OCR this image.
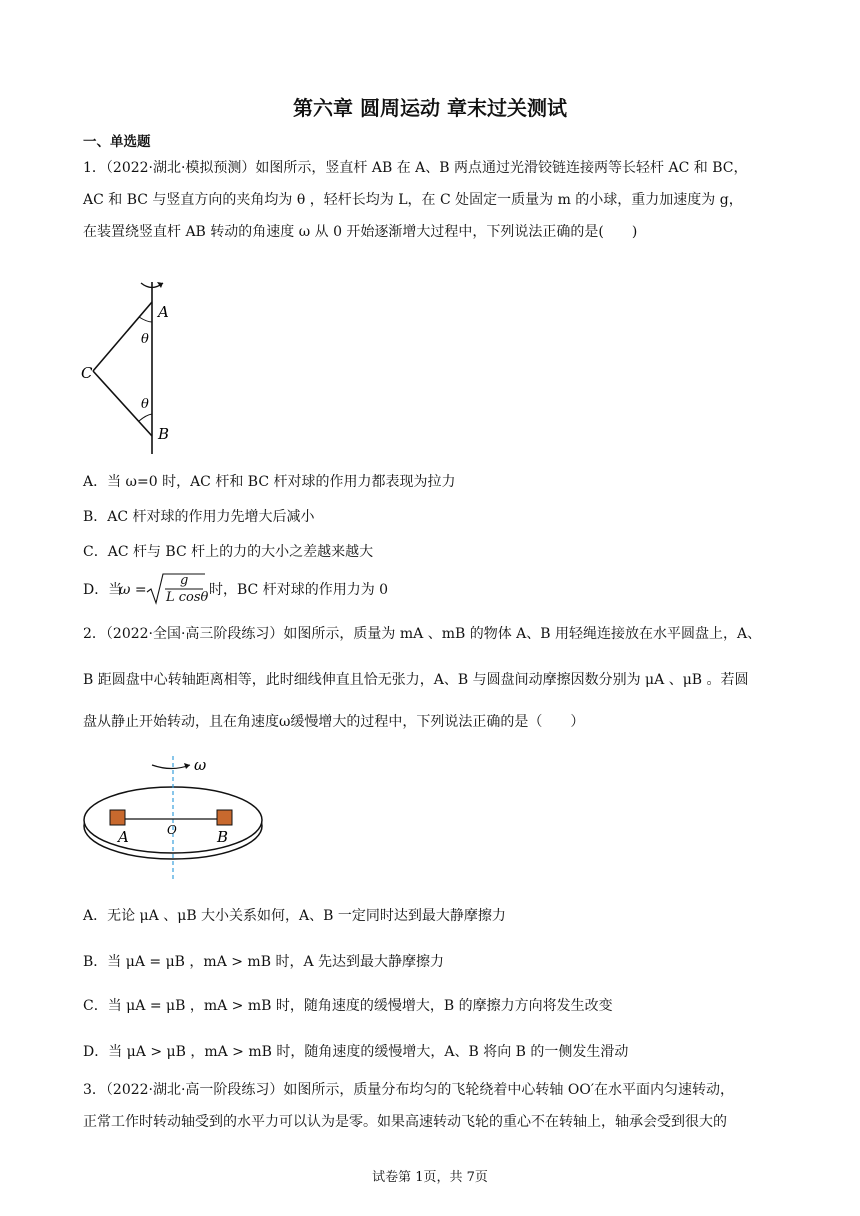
第六章 圆周运动 章末过关测试
一、单选题
1．（2022·湖北·模拟预测）如图所示，竖直杆 AB 在 A、B 两点通过光滑铰链连接两等长轻杆 AC 和 BC，
AC 和 BC 与竖直方向的夹角均为 θ ，轻杆长均为 L，在 C 处固定一质量为 m 的小球，重力加速度为 g，
在装置绕竖直杆 AB 转动的角速度 ω 从 0 开始逐渐增大过程中，下列说法正确的是(　　)
A
B
C
θ
θ
A．当 ω=0 时，AC 杆和 BC 杆对球的作用力都表现为拉力
B．AC 杆对球的作用力先增大后减小
C．AC 杆与 BC 杆上的力的大小之差越来越大
D．当
ω =
g
L cosθ 时，BC 杆对球的作用力为 0
2．（2022·全国·高三阶段练习）如图所示，质量为 mA 、mB 的物体 A、B 用轻绳连接放在水平圆盘上，A、
B 距圆盘中心转轴距离相等，此时细线伸直且恰无张力，A、B 与圆盘间动摩擦因数分别为 μA 、μB 。若圆
盘从静止开始转动，且在角速度ω缓慢增大的过程中，下列说法正确的是（　　）
ω
A	O	B
A．无论 μA 、μB 大小关系如何，A、B 一定同时达到最大静摩擦力
B．当 μA = μB ，mA > mB 时，A 先达到最大静摩擦力
C．当 μA = μB ，mA > mB 时，随角速度的缓慢增大，B 的摩擦力方向将发生改变
D．当 μA > μB ，mA > mB 时，随角速度的缓慢增大，A、B 将向 B 的一侧发生滑动
3．（2022·湖北·高一阶段练习）如图所示，质量分布均匀的飞轮绕着中心转轴 OO′在水平面内匀速转动，
正常工作时转动轴受到的水平力可以认为是零。如果高速转动飞轮的重心不在转轴上，轴承会受到很大的
试卷第 1页，共 7页
